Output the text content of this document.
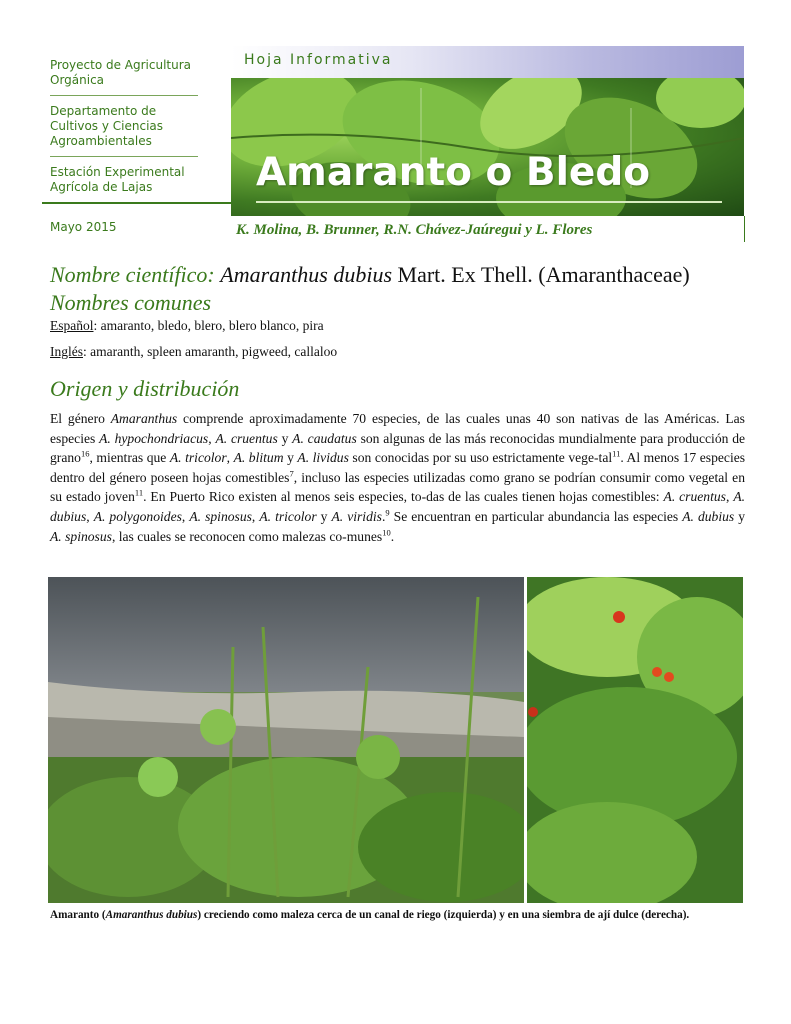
Proyecto de Agricultura Orgánica
Departamento de Cultivos y Ciencias Agroambientales
Estación Experimental Agrícola de Lajas
Mayo 2015
Hoja Informativa
Amaranto o Bledo
K. Molina, B. Brunner, R.N. Chávez-Jaúregui y L. Flores
Nombre científico: Amaranthus dubius Mart. Ex Thell. (Amaranthaceae)
Nombres comunes
Español: amaranto, bledo, blero, blero blanco, pira
Inglés: amaranth, spleen amaranth, pigweed, callaloo
Origen y distribución

El género Amaranthus comprende aproximadamente 70 especies, de las cuales unas 40 son nativas de las Américas. Las especies A. hypochondriacus, A. cruentus y A. caudatus son algunas de las más reconocidas mundialmente para producción de grano$^{16}$, mientras que A. tricolor, A. blitum y A. lividus son conocidas por su uso estrictamente vege-tal$^{11}$. Al menos 17 especies dentro del género poseen hojas comestibles$^7$, incluso las especies utilizadas como grano se podrían consumir como vegetal en su estado joven$^{11}$. En Puerto Rico existen al menos seis especies, to-das de las cuales tienen hojas comestibles: A. cruentus, A. dubius, A. polygonoides, A. spinosus, A. tricolor y A. viridis.$^9$ Se encuentran en particular abundancia las especies A. dubius y A. spinosus, las cuales se reconocen como malezas co-munes$^{10}$.

Amaranto (Amaranthus dubius) creciendo como maleza cerca de un canal de riego (izquierda) y en una siembra de ají dulce (derecha).
